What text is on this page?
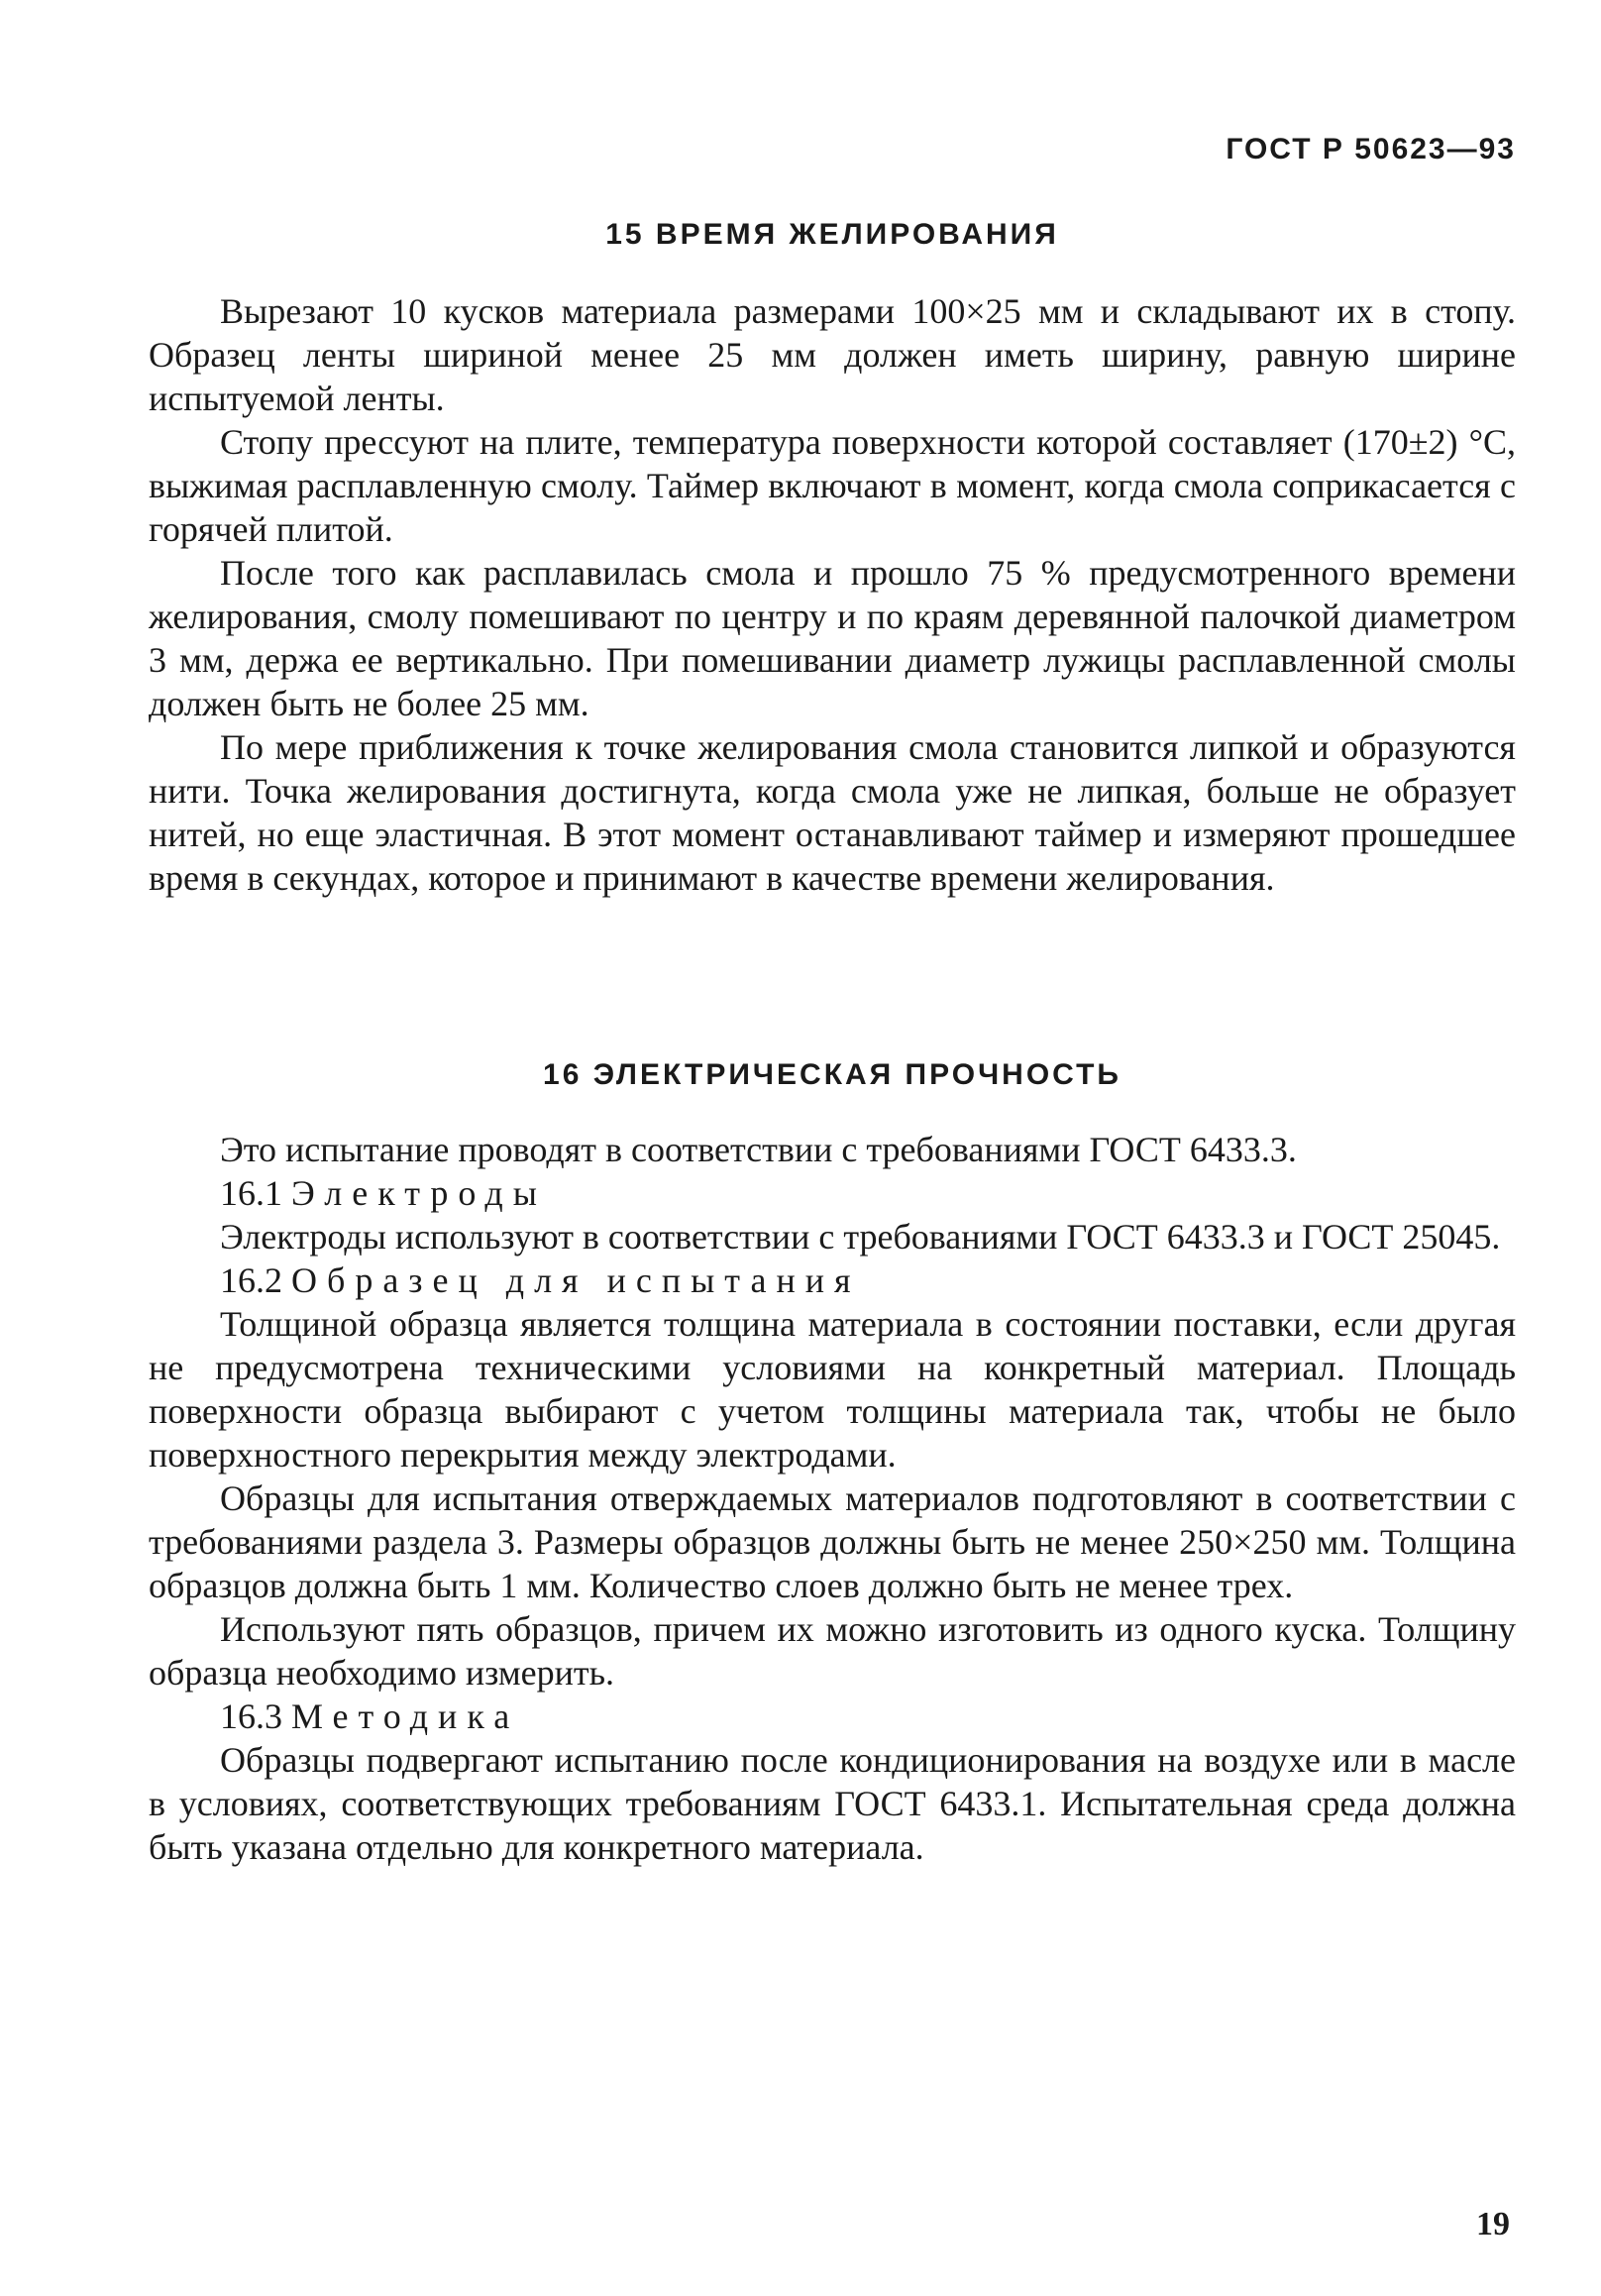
ГОСТ Р 50623—93
15 ВРЕМЯ ЖЕЛИРОВАНИЯ

Вырезают 10 кусков материала размерами 100×25 мм и складывают их в стопу. Образец ленты шириной менее 25 мм должен иметь ширину, равную ширине испытуемой ленты.

Стопу прессуют на плите, температура поверхности которой составляет (170±2) °С, выжимая расплавленную смолу. Таймер включают в момент, когда смола соприкасается с горячей плитой.

После того как расплавилась смола и прошло 75 % предусмотренного времени желирования, смолу помешивают по центру и по краям деревянной палочкой диаметром 3 мм, держа ее вертикально. При помешивании диаметр лужицы расплавленной смолы должен быть не более 25 мм.

По мере приближения к точке желирования смола становится липкой и образуются нити. Точка желирования достигнута, когда смола уже не липкая, больше не образует нитей, но еще эластичная. В этот момент останавливают таймер и измеряют прошедшее время в секундах, которое и принимают в качестве времени желирования.

16 ЭЛЕКТРИЧЕСКАЯ ПРОЧНОСТЬ

Это испытание проводят в соответствии с требованиями ГОСТ 6433.3.

16.1 Электроды

Электроды используют в соответствии с требованиями ГОСТ 6433.3 и ГОСТ 25045.

16.2 Образец для испытания

Толщиной образца является толщина материала в состоянии поставки, если другая не предусмотрена техническими условиями на конкретный материал. Площадь поверхности образца выбирают с учетом толщины материала так, чтобы не было поверхностного перекрытия между электродами.

Образцы для испытания отверждаемых материалов подготовляют в соответствии с требованиями раздела 3. Размеры образцов должны быть не менее 250×250 мм. Толщина образцов должна быть 1 мм. Количество слоев должно быть не менее трех.

Используют пять образцов, причем их можно изготовить из одного куска. Толщину образца необходимо измерить.

16.3 Методика

Образцы подвергают испытанию после кондиционирования на воздухе или в масле в условиях, соответствующих требованиям ГОСТ 6433.1. Испытательная среда должна быть указана отдельно для конкретного материала.

19
